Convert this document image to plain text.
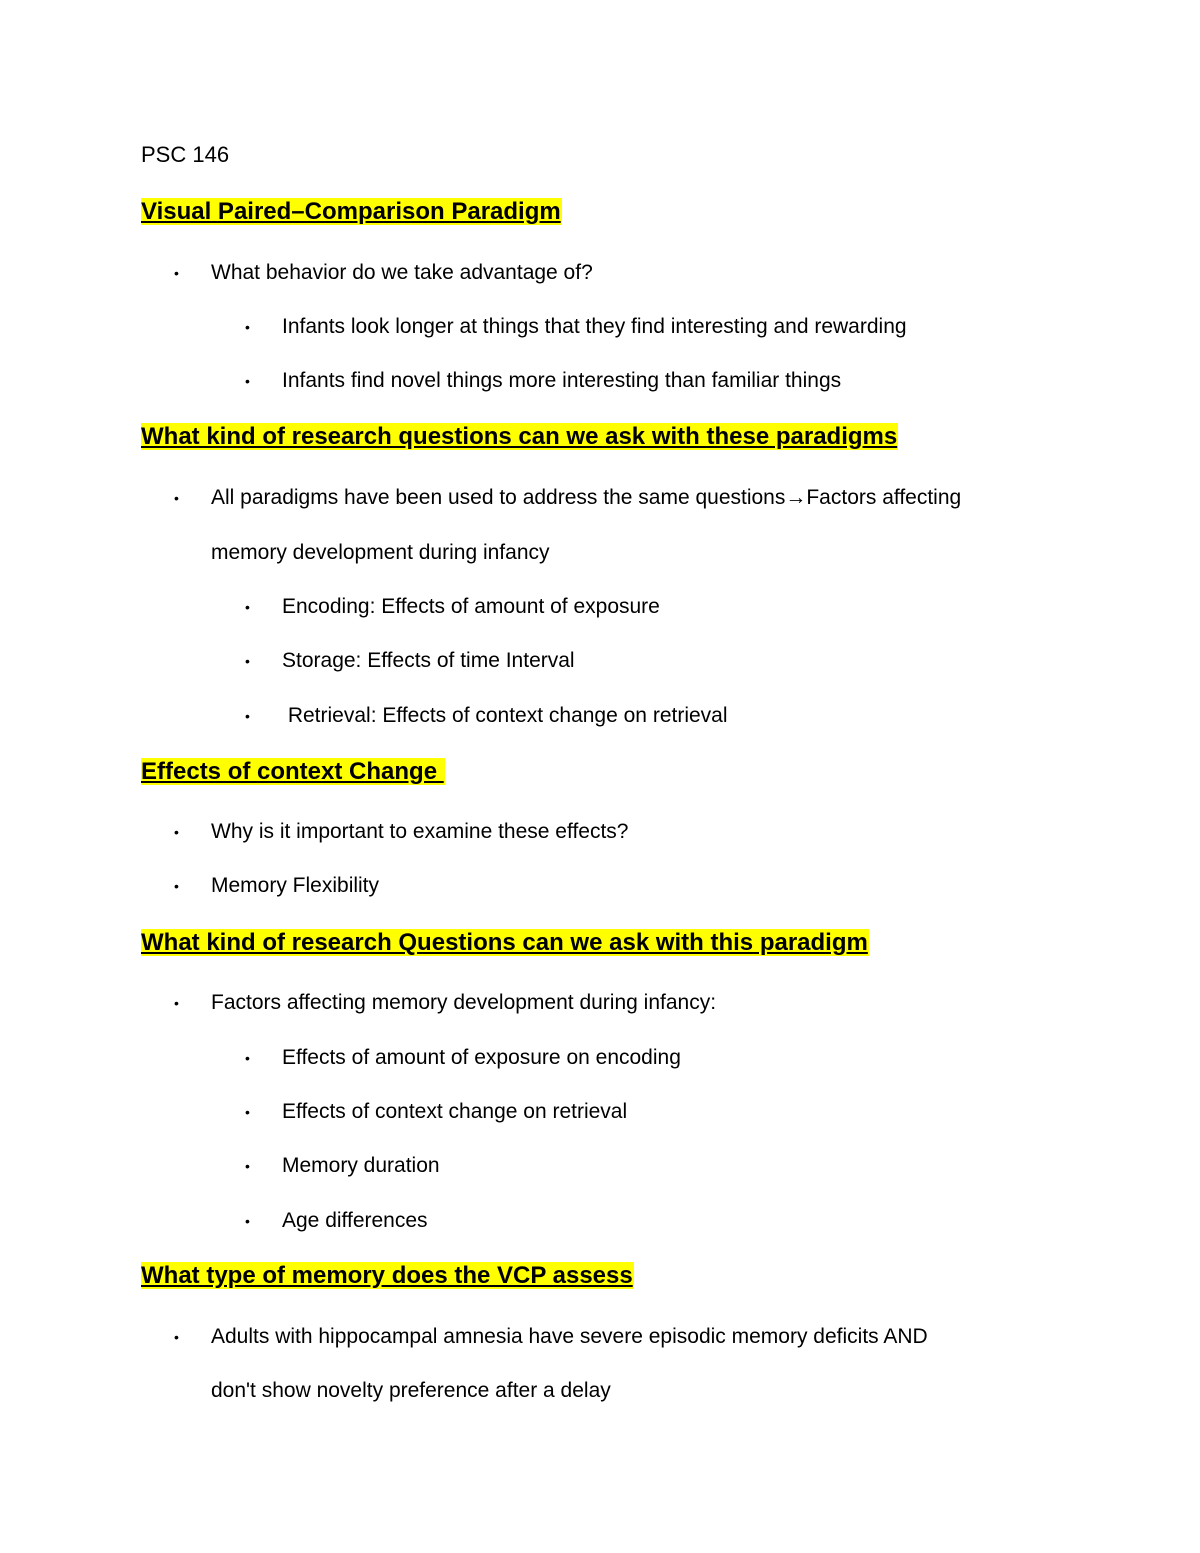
PSC 146
Visual Paired–Comparison Paradigm
• What behavior do we take advantage of?
• Infants look longer at things that they find interesting and rewarding
• Infants find novel things more interesting than familiar things
What kind of research questions can we ask with these paradigms
• All paradigms have been used to address the same questions→Factors affecting
memory development during infancy
• Encoding: Effects of amount of exposure
• Storage: Effects of time Interval
• Retrieval: Effects of context change on retrieval
Effects of context Change
• Why is it important to examine these effects?
• Memory Flexibility
What kind of research Questions can we ask with this paradigm
• Factors affecting memory development during infancy:
• Effects of amount of exposure on encoding
• Effects of context change on retrieval
• Memory duration
• Age differences
What type of memory does the VCP assess
• Adults with hippocampal amnesia have severe episodic memory deficits AND
don't show novelty preference after a delay
